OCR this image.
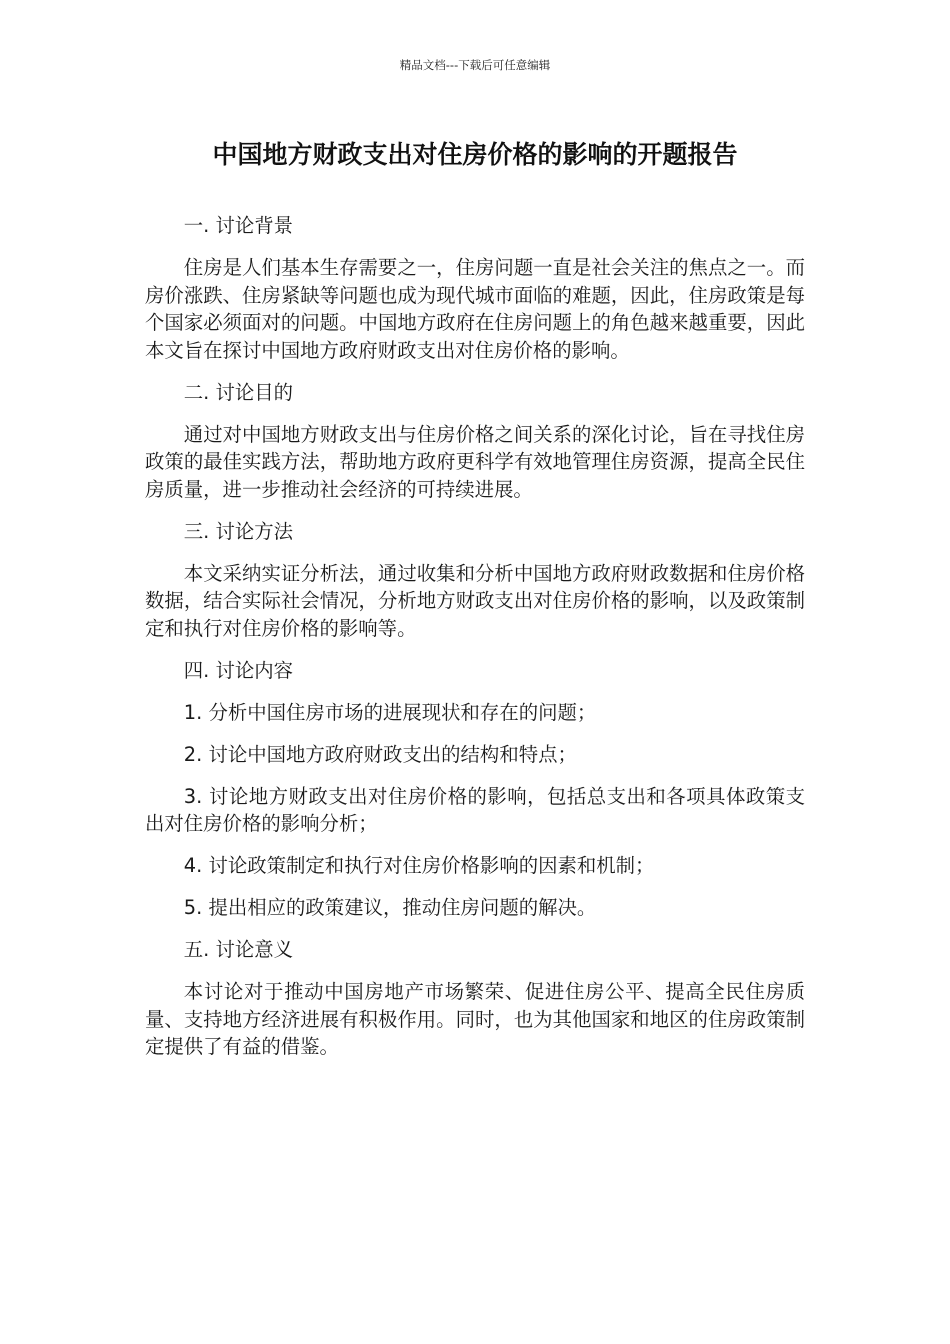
精品文档---下载后可任意编辑
中国地方财政支出对住房价格的影响的开题报告

一. 讨论背景

住房是人们基本生存需要之一，住房问题一直是社会关注的焦点之一。而房价涨跌、住房紧缺等问题也成为现代城市面临的难题，因此，住房政策是每个国家必须面对的问题。中国地方政府在住房问题上的角色越来越重要，因此本文旨在探讨中国地方政府财政支出对住房价格的影响。

二. 讨论目的

通过对中国地方财政支出与住房价格之间关系的深化讨论，旨在寻找住房政策的最佳实践方法，帮助地方政府更科学有效地管理住房资源，提高全民住房质量，进一步推动社会经济的可持续进展。

三. 讨论方法

本文采纳实证分析法，通过收集和分析中国地方政府财政数据和住房价格数据，结合实际社会情况，分析地方财政支出对住房价格的影响，以及政策制定和执行对住房价格的影响等。

四. 讨论内容

1. 分析中国住房市场的进展现状和存在的问题；

2. 讨论中国地方政府财政支出的结构和特点；

3. 讨论地方财政支出对住房价格的影响，包括总支出和各项具体政策支出对住房价格的影响分析；

4. 讨论政策制定和执行对住房价格影响的因素和机制；

5. 提出相应的政策建议，推动住房问题的解决。

五. 讨论意义

本讨论对于推动中国房地产市场繁荣、促进住房公平、提高全民住房质量、支持地方经济进展有积极作用。同时，也为其他国家和地区的住房政策制定提供了有益的借鉴。
